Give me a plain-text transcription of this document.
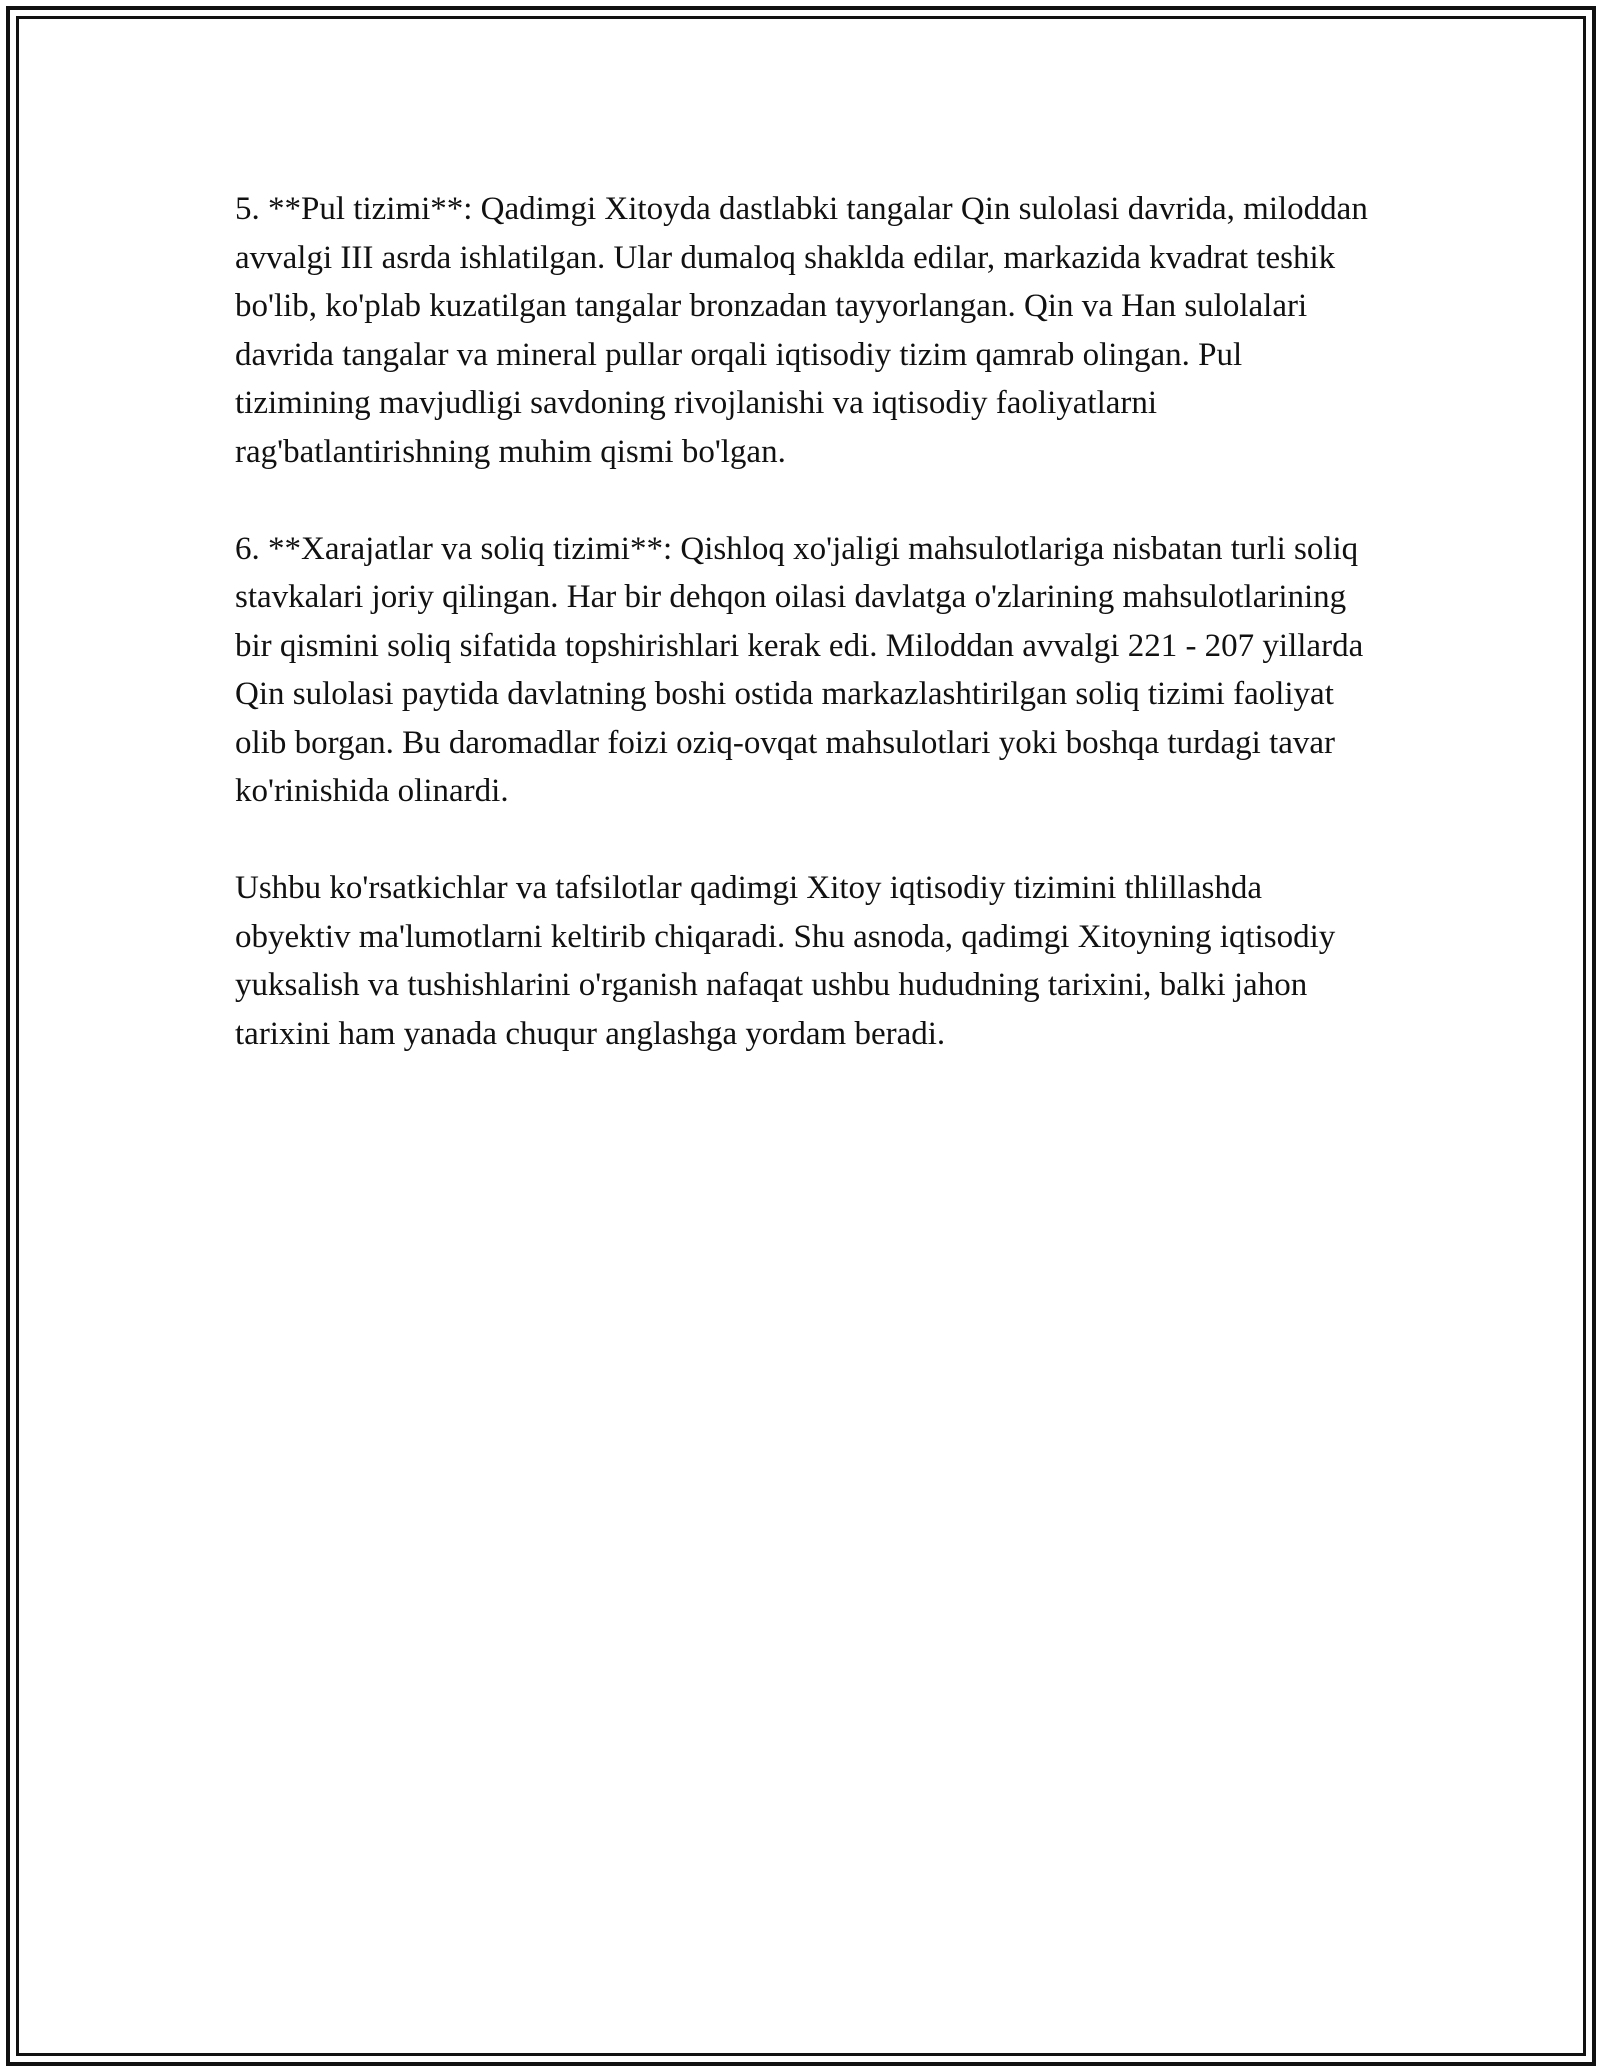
5. **Pul tizimi**: Qadimgi Xitoyda dastlabki tangalar Qin sulolasi davrida, miloddan avvalgi III asrda ishlatilgan. Ular dumaloq shaklda edilar, markazida kvadrat teshik bo'lib, ko'plab kuzatilgan tangalar bronzadan tayyorlangan. Qin va Han sulolalari davrida tangalar va mineral pullar orqali iqtisodiy tizim qamrab olingan. Pul tizimining mavjudligi savdoning rivojlanishi va iqtisodiy faoliyatlarni rag'batlantirishning muhim qismi bo'lgan.

6. **Xarajatlar va soliq tizimi**: Qishloq xo'jaligi mahsulotlariga nisbatan turli soliq stavkalari joriy qilingan. Har bir dehqon oilasi davlatga o'zlarining mahsulotlarining bir qismini soliq sifatida topshirishlari kerak edi. Miloddan avvalgi 221 - 207 yillarda Qin sulolasi paytida davlatning boshi ostida markazlashtirilgan soliq tizimi faoliyat olib borgan. Bu daromadlar foizi oziq-ovqat mahsulotlari yoki boshqa turdagi tavar ko'rinishida olinardi.

Ushbu ko'rsatkichlar va tafsilotlar qadimgi Xitoy iqtisodiy tizimini thlillashda obyektiv ma'lumotlarni keltirib chiqaradi. Shu asnoda, qadimgi Xitoyning iqtisodiy yuksalish va tushishlarini o'rganish nafaqat ushbu hududning tarixini, balki jahon tarixini ham yanada chuqur anglashga yordam beradi.
